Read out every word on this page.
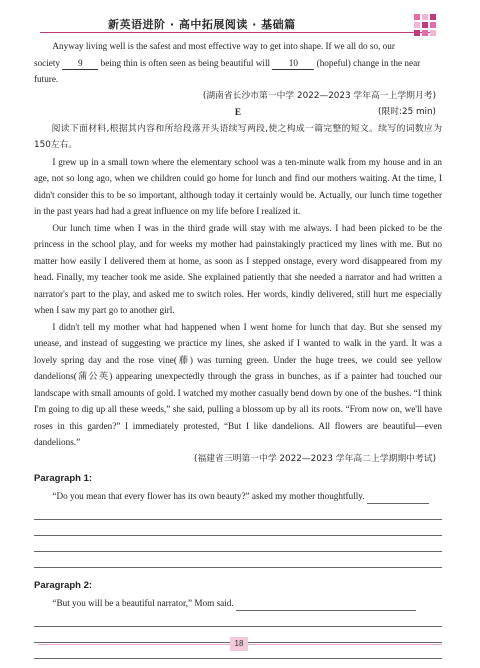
新英语进阶 · 高中拓展阅读 · 基础篇
Anyway living well is the safest and most effective way to get into shape. If we all do so, our
society 9 being thin is often seen as being beautiful will 10 (hopeful) change in the near future.
(湖南省长沙市第一中学 2022—2023 学年高一上学期月考)
E	(限时:25 min)
阅读下面材料,根据其内容和所给段落开头语续写两段,使之构成一篇完整的短文。续写的词数应为150左右。
I grew up in a small town where the elementary school was a ten-minute walk from my house and in an age, not so long ago, when we children could go home for lunch and find our mothers waiting. At the time, I didn't consider this to be so important, although today it certainly would be. Actually, our lunch time together in the past years had had a great influence on my life before I realized it.
Our lunch time when I was in the third grade will stay with me always. I had been picked to be the princess in the school play, and for weeks my mother had painstakingly practiced my lines with me. But no matter how easily I delivered them at home, as soon as I stepped onstage, every word disappeared from my head. Finally, my teacher took me aside. She explained patiently that she needed a narrator and had written a narrator's part to the play, and asked me to switch roles. Her words, kindly delivered, still hurt me especially when I saw my part go to another girl.
I didn't tell my mother what had happened when I went home for lunch that day. But she sensed my unease, and instead of suggesting we practice my lines, she asked if I wanted to walk in the yard. It was a lovely spring day and the rose vine(藤) was turning green. Under the huge trees, we could see yellow dandelions(蒲公英) appearing unexpectedly through the grass in bunches, as if a painter had touched our landscape with small amounts of gold. I watched my mother casually bend down by one of the bushes. “I think I'm going to dig up all these weeds,” she said, pulling a blossom up by all its roots. “From now on, we'll have roses in this garden?” I immediately protested, “But I like dandelions. All flowers are beautiful—even dandelions.”
(福建省三明第一中学 2022—2023 学年高二上学期期中考试)
Paragraph 1:
“Do you mean that every flower has its own beauty?” asked my mother thoughtfully.
Paragraph 2:
“But you will be a beautiful narrator,” Mom said.
18
